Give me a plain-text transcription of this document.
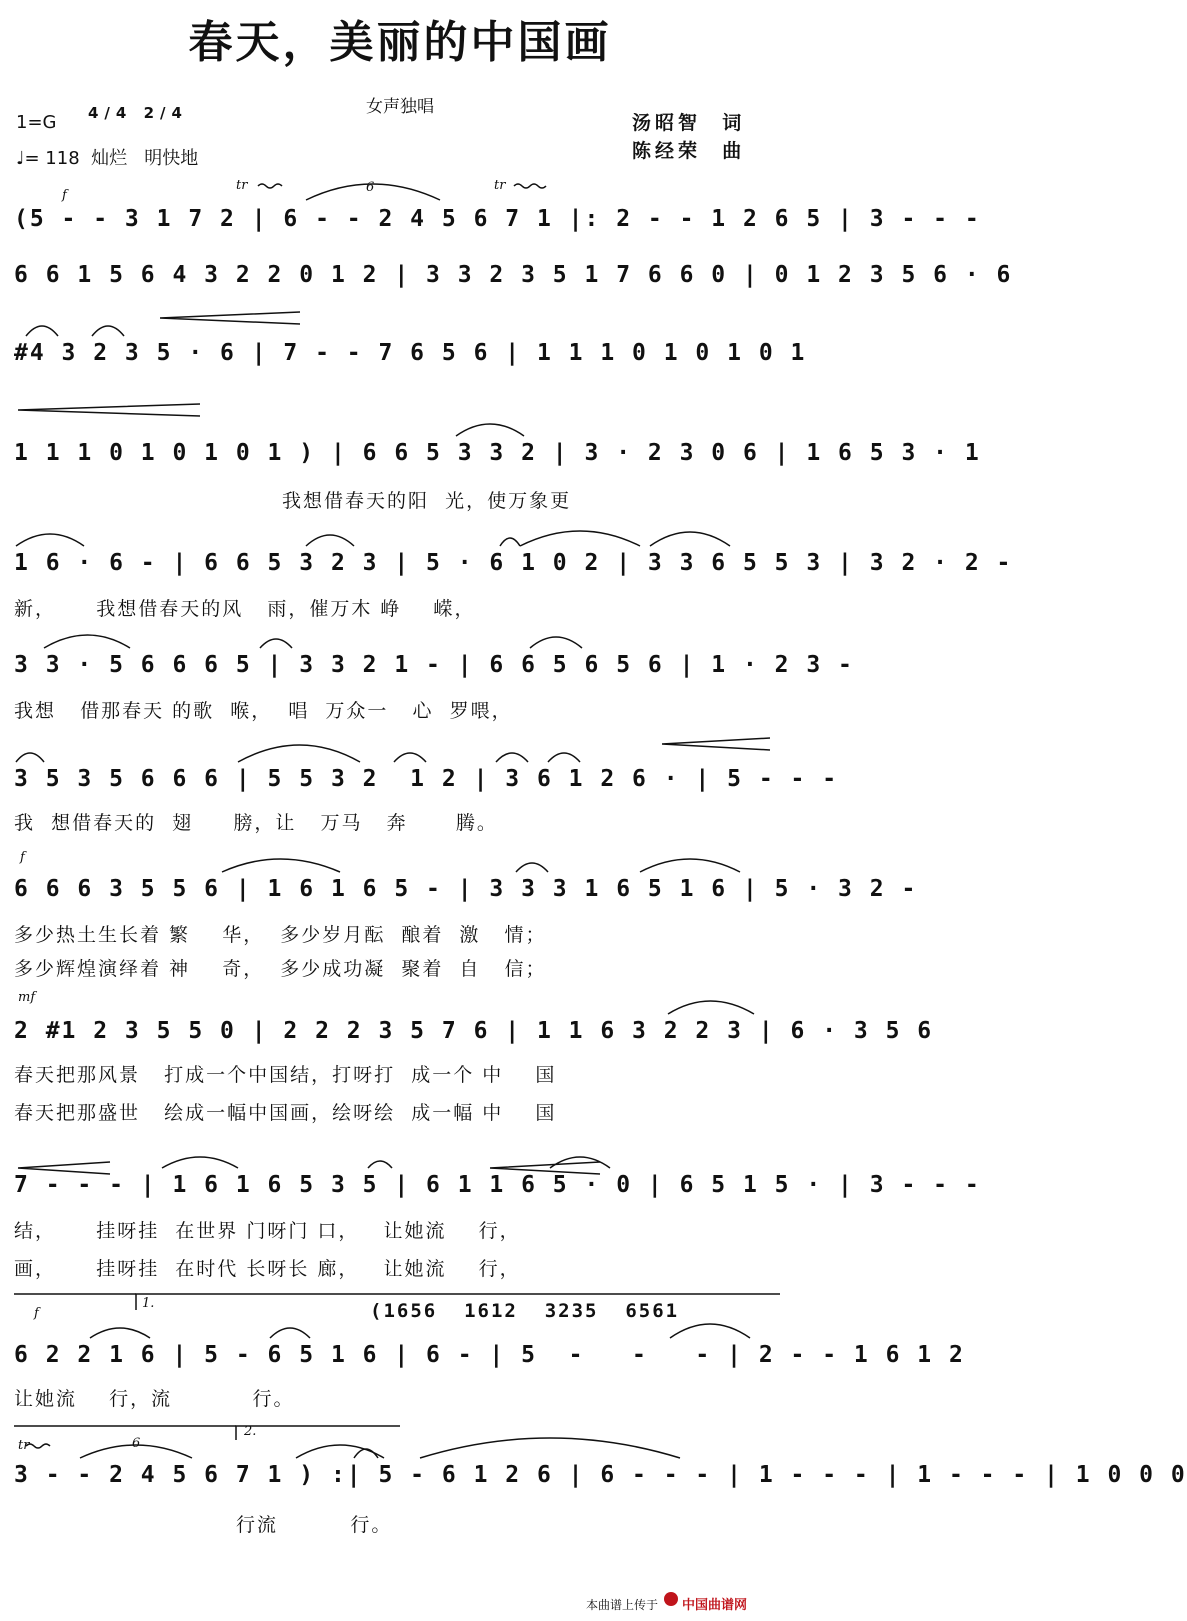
春天，美丽的中国画
女声独唱
1=G 4/4 2/4
♩= 118  灿烂   明快地
汤昭智  词
陈经荣  曲
f
tr	6	tr
f
mf
f
1.
tr	6
2.
(5 - - 3 1 7 2 | 6 - - 2 4 5 6 7 1 |: 2 - - 1 2 6 5 | 3 - - -
6 6 1 5 6 4 3 2 2 0 1 2 | 3 3 2 3 5 1 7 6 6 0 | 0 1 2 3 5 6 · 6
#4 3 2 3 5 · 6 | 7 - - 7 6 5 6 | 1 1 1 0 1 0 1 0 1
1 1 1 0 1 0 1 0 1 ) | 6 6 5 3 3 2 | 3 · 2 3 0 6 | 1 6 5 3 · 1
我想借春天的阳  光，使万象更
1 6 · 6 - | 6 6 5 3 2 3 | 5 · 6 1 0 2 | 3 3 6 5 5 3 | 3 2 · 2 -
新，     我想借春天的风   雨，催万木 峥    嵘，
3 3 · 5 6 6 6 5 | 3 3 2 1 - | 6 6 5 6 5 6 | 1 · 2 3 -
我想   借那春天 的歌  喉，  唱  万众一   心  罗喂，
3 5 3 5 6 6 6 | 5 5 3 2  1 2 | 3 6 1 2 6 · | 5 - - -
我  想借春天的  翅     膀，让   万马   奔      腾。
6 6 6 3 5 5 6 | 1 6 1 6 5 - | 3 3 3 1 6 5 1 6 | 5 · 3 2 -
多少热土生长着 繁    华，  多少岁月酝  酿着  激   情；
多少辉煌演绎着 神    奇，  多少成功凝  聚着  自   信；
2 #1 2 3 5 5 0 | 2 2 2 3 5 7 6 | 1 1 6 3 2 2 3 | 6 · 3 5 6
春天把那风景   打成一个中国结，打呀打  成一个 中    国
春天把那盛世   绘成一幅中国画，绘呀绘  成一幅 中    国
7 - - - | 1 6 1 6 5 3 5 | 6 1 1 6 5 · 0 | 6 5 1 5 · | 3 - - -
结，     挂呀挂  在世界 门呀门 口，   让她流    行，
画，     挂呀挂  在时代 长呀长 廊，   让她流    行，
(1656  1612  3235  6561
6 2 2 1 6 | 5 - 6 5 1 6 | 6 - | 5  -   -   - | 2 - - 1 6 1 2
让她流    行，流          行。
3 - - 2 4 5 6 7 1 ) :| 5 - 6 1 2 6 | 6 - - - | 1 - - - | 1 - - - | 1 0 0 0
行流         行。
本曲谱上传于 中国曲谱网
